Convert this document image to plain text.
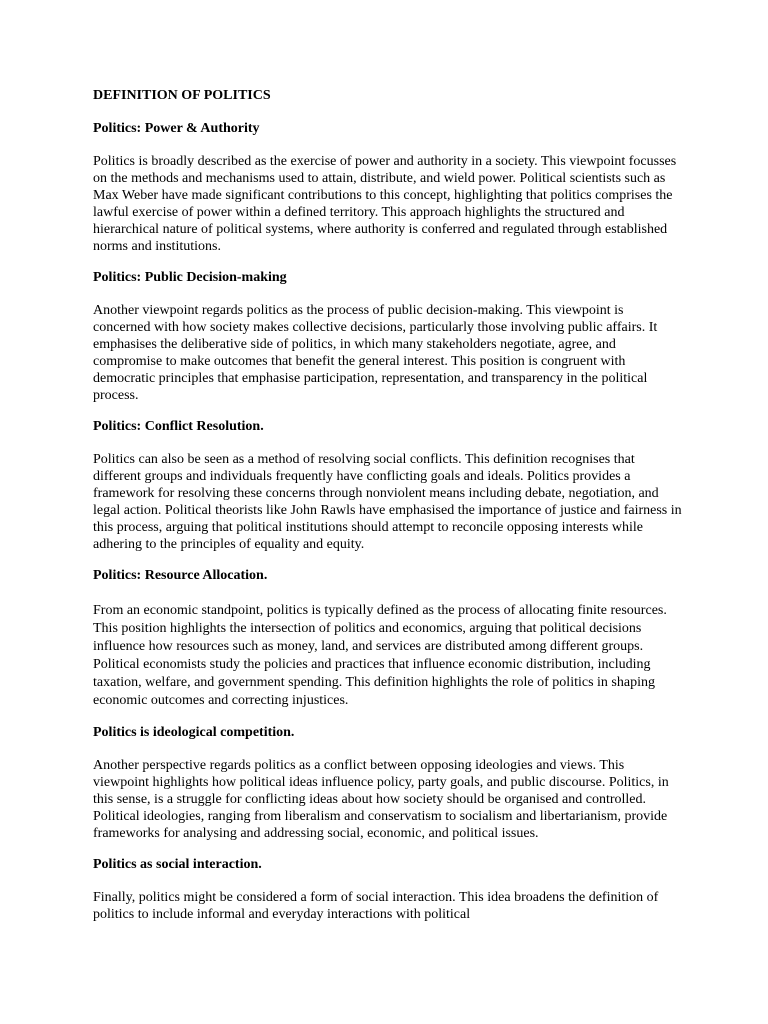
DEFINITION OF POLITICS
Politics: Power & Authority
Politics is broadly described as the exercise of power and authority in a society. This viewpoint focusses on the methods and mechanisms used to attain, distribute, and wield power. Political scientists such as Max Weber have made significant contributions to this concept, highlighting that politics comprises the lawful exercise of power within a defined territory. This approach highlights the structured and hierarchical nature of political systems, where authority is conferred and regulated through established norms and institutions.
Politics: Public Decision-making
Another viewpoint regards politics as the process of public decision-making. This viewpoint is concerned with how society makes collective decisions, particularly those involving public affairs. It emphasises the deliberative side of politics, in which many stakeholders negotiate, agree, and compromise to make outcomes that benefit the general interest. This position is congruent with democratic principles that emphasise participation, representation, and transparency in the political process.
Politics: Conflict Resolution.
Politics can also be seen as a method of resolving social conflicts. This definition recognises that different groups and individuals frequently have conflicting goals and ideals. Politics provides a framework for resolving these concerns through nonviolent means including debate, negotiation, and legal action. Political theorists like John Rawls have emphasised the importance of justice and fairness in this process, arguing that political institutions should attempt to reconcile opposing interests while adhering to the principles of equality and equity.
Politics: Resource Allocation.
From an economic standpoint, politics is typically defined as the process of allocating finite resources. This position highlights the intersection of politics and economics, arguing that political decisions influence how resources such as money, land, and services are distributed among different groups. Political economists study the policies and practices that influence economic distribution, including taxation, welfare, and government spending. This definition highlights the role of politics in shaping economic outcomes and correcting injustices.
Politics is ideological competition.
Another perspective regards politics as a conflict between opposing ideologies and views. This viewpoint highlights how political ideas influence policy, party goals, and public discourse. Politics, in this sense, is a struggle for conflicting ideas about how society should be organised and controlled. Political ideologies, ranging from liberalism and conservatism to socialism and libertarianism, provide frameworks for analysing and addressing social, economic, and political issues.
Politics as social interaction.
Finally, politics might be considered a form of social interaction. This idea broadens the definition of politics to include informal and everyday interactions with political
